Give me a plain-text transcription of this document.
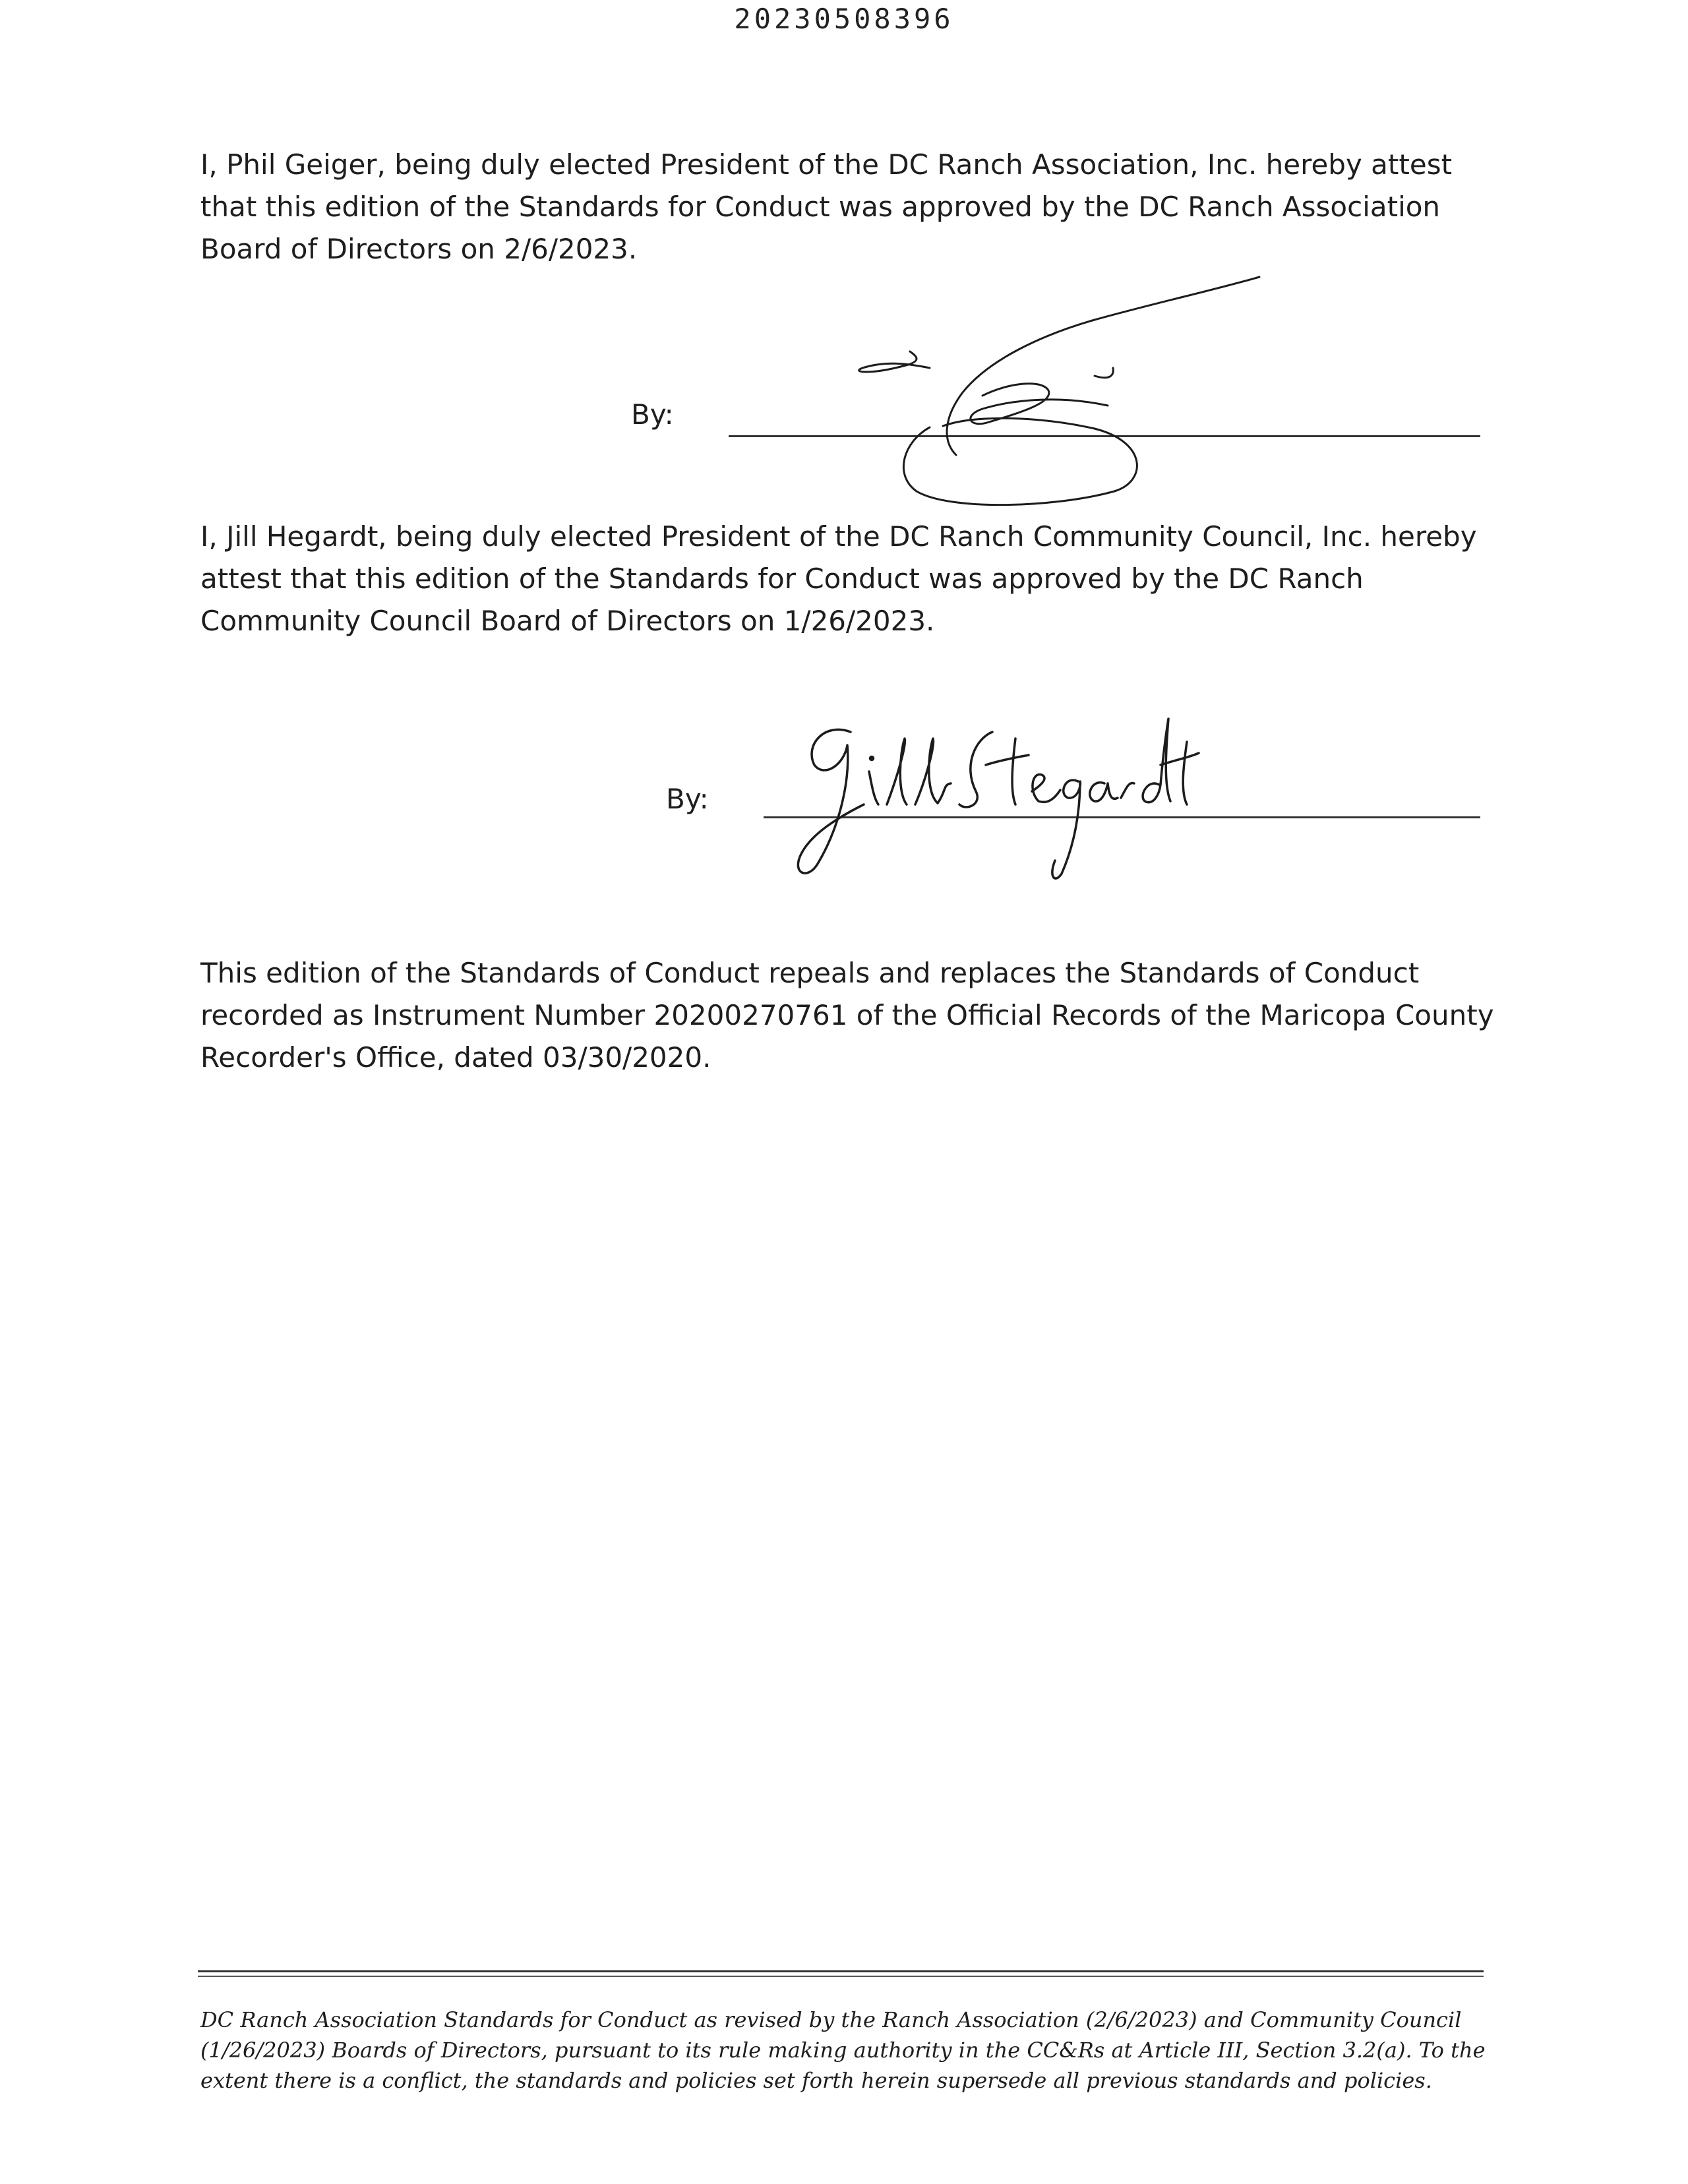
20230508396

I, Phil Geiger, being duly elected President of the DC Ranch Association, Inc. hereby attest that this edition of the Standards for Conduct was approved by the DC Ranch Association Board of Directors on 2/6/2023.

By:

I, Jill Hegardt, being duly elected President of the DC Ranch Community Council, Inc. hereby attest that this edition of the Standards for Conduct was approved by the DC Ranch Community Council Board of Directors on 1/26/2023.

By:

This edition of the Standards of Conduct repeals and replaces the Standards of Conduct recorded as Instrument Number 20200270761 of the Official Records of the Maricopa County Recorder's Office, dated 03/30/2020.

DC Ranch Association Standards for Conduct as revised by the Ranch Association (2/6/2023) and Community Council (1/26/2023) Boards of Directors, pursuant to its rule making authority in the CC&Rs at Article III, Section 3.2(a). To the extent there is a conflict, the standards and policies set forth herein supersede all previous standards and policies.
